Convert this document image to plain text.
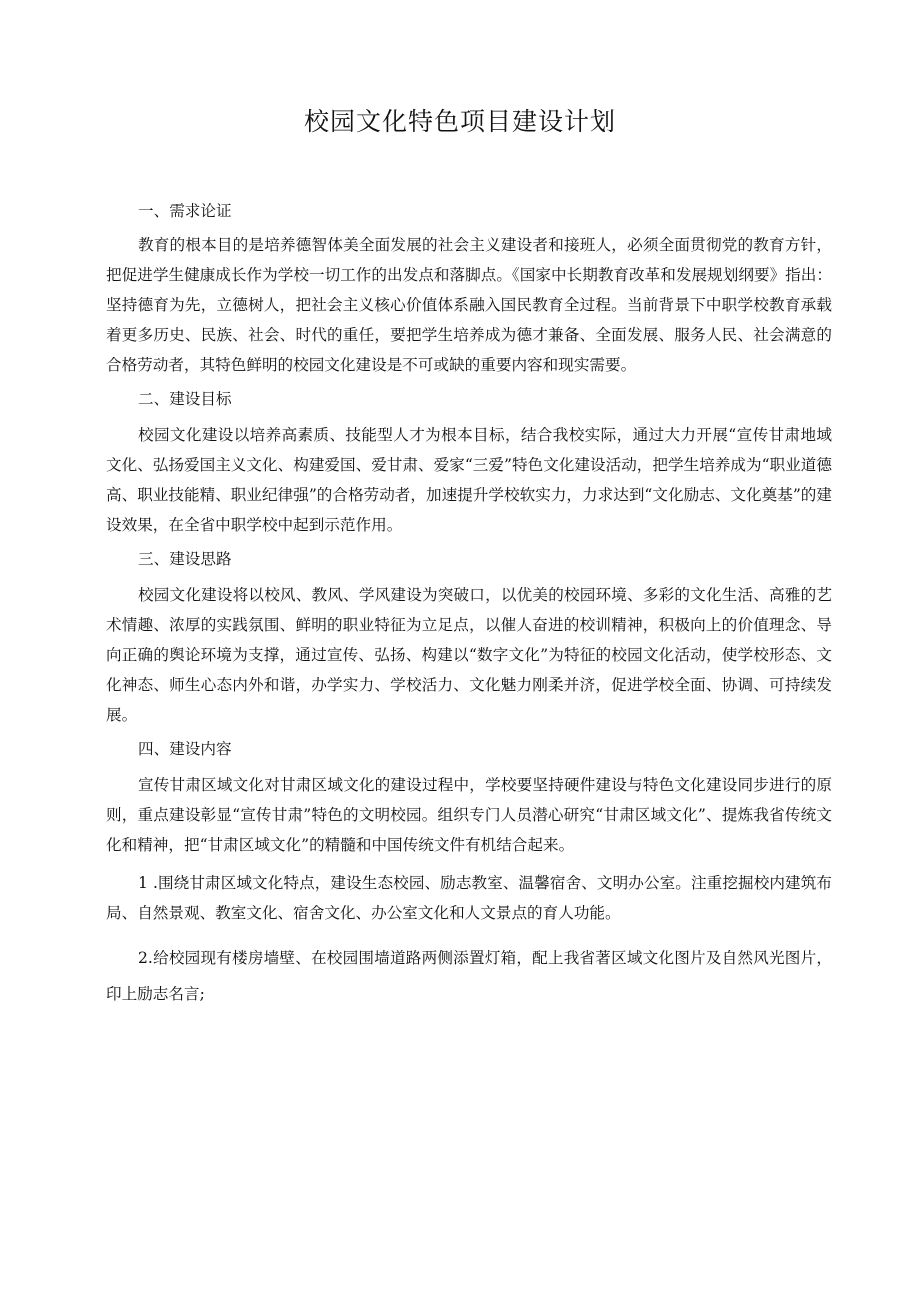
校园文化特色项目建设计划

一、需求论证

教育的根本目的是培养德智体美全面发展的社会主义建设者和接班人，必须全面贯彻党的教育方针，把促进学生健康成长作为学校一切工作的出发点和落脚点。《国家中长期教育改革和发展规划纲要》指出：坚持德育为先，立德树人，把社会主义核心价值体系融入国民教育全过程。当前背景下中职学校教育承载着更多历史、民族、社会、时代的重任，要把学生培养成为德才兼备、全面发展、服务人民、社会满意的合格劳动者，其特色鲜明的校园文化建设是不可或缺的重要内容和现实需要。

二、建设目标

校园文化建设以培养高素质、技能型人才为根本目标，结合我校实际，通过大力开展“宣传甘肃地域文化、弘扬爱国主义文化、构建爱国、爱甘肃、爱家“三爱”特色文化建设活动，把学生培养成为“职业道德高、职业技能精、职业纪律强”的合格劳动者，加速提升学校软实力，力求达到“文化励志、文化奠基”的建设效果，在全省中职学校中起到示范作用。

三、建设思路

校园文化建设将以校风、教风、学风建设为突破口，以优美的校园环境、多彩的文化生活、高雅的艺术情趣、浓厚的实践氛围、鲜明的职业特征为立足点，以催人奋进的校训精神，积极向上的价值理念、导向正确的舆论环境为支撑，通过宣传、弘扬、构建以“数字文化”为特征的校园文化活动，使学校形态、文化神态、师生心态内外和谐，办学实力、学校活力、文化魅力刚柔并济，促进学校全面、协调、可持续发展。

四、建设内容

宣传甘肃区域文化对甘肃区域文化的建设过程中，学校要坚持硬件建设与特色文化建设同步进行的原则，重点建设彰显“宣传甘肃”特色的文明校园。组织专门人员潜心研究“甘肃区域文化”、提炼我省传统文化和精神，把“甘肃区域文化”的精髓和中国传统文件有机结合起来。

1 .围绕甘肃区域文化特点，建设生态校园、励志教室、温馨宿舍、文明办公室。注重挖掘校内建筑布局、自然景观、教室文化、宿舍文化、办公室文化和人文景点的育人功能。

2.给校园现有楼房墙壁、在校园围墙道路两侧添置灯箱，配上我省著区域文化图片及自然风光图片，印上励志名言;
